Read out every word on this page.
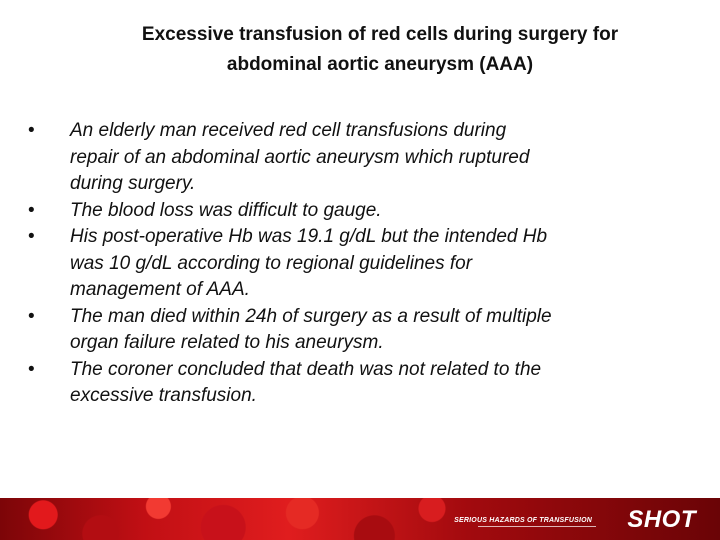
Excessive transfusion of red cells during surgery for
abdominal aortic aneurysm (AAA)
• An elderly man received red cell transfusions during
repair of an abdominal aortic aneurysm which ruptured
during surgery.
• The blood loss was difficult to gauge.
• His post-operative Hb was 19.1 g/dL but the intended Hb
was 10 g/dL according to regional guidelines for
management of AAA.
• The man died within 24h of surgery as a result of multiple
organ failure related to his aneurysm.
• The coroner concluded that death was not related to the
excessive transfusion.
SERIOUS HAZARDS OF TRANSFUSION SHOT
